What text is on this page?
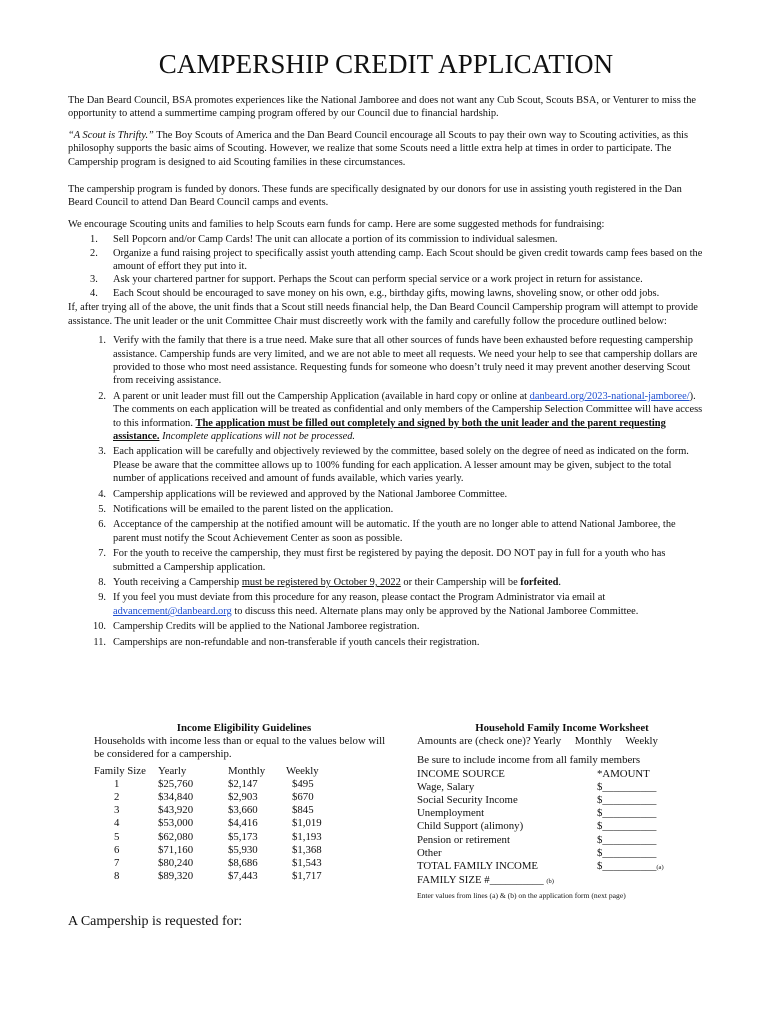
CAMPERSHIP CREDIT APPLICATION

The Dan Beard Council, BSA promotes experiences like the National Jamboree and does not want any Cub Scout, Scouts BSA, or Venturer to miss the opportunity to attend a summertime camping program offered by our Council due to financial hardship.

“A Scout is Thrifty.” The Boy Scouts of America and the Dan Beard Council encourage all Scouts to pay their own way to Scouting activities, as this philosophy supports the basic aims of Scouting. However, we realize that some Scouts need a little extra help at times in order to participate. The Campership program is designed to aid Scouting families in these circumstances.

The campership program is funded by donors. These funds are specifically designated by our donors for use in assisting youth registered in the Dan Beard Council to attend Dan Beard Council camps and events.

We encourage Scouting units and families to help Scouts earn funds for camp. Here are some suggested methods for fundraising:

1.	Sell Popcorn and/or Camp Cards! The unit can allocate a portion of its commission to individual salesmen.
2.	Organize a fund raising project to specifically assist youth attending camp. Each Scout should be given credit towards camp fees based on the amount of effort they put into it.
3.	Ask your chartered partner for support. Perhaps the Scout can perform special service or a work project in return for assistance.
4.	Each Scout should be encouraged to save money on his own, e.g., birthday gifts, mowing lawns, shoveling snow, or other odd jobs.

If, after trying all of the above, the unit finds that a Scout still needs financial help, the Dan Beard Council Campership program will attempt to provide assistance. The unit leader or the unit Committee Chair must discreetly work with the family and carefully follow the procedure outlined below:

1. Verify with the family that there is a true need. Make sure that all other sources of funds have been exhausted before requesting campership assistance. Campership funds are very limited, and we are not able to meet all requests. We need your help to see that campership dollars are provided to those who most need assistance. Requesting funds for someone who doesn’t truly need it may prevent another deserving Scout from receiving assistance.
2. A parent or unit leader must fill out the Campership Application (available in hard copy or online at danbeard.org/2023-national-jamboree/). The comments on each application will be treated as confidential and only members of the Campership Selection Committee will have access to this information. The application must be filled out completely and signed by both the unit leader and the parent requesting assistance. Incomplete applications will not be processed.
3. Each application will be carefully and objectively reviewed by the committee, based solely on the degree of need as indicated on the form. Please be aware that the committee allows up to 100% funding for each application. A lesser amount may be given, subject to the total number of applications received and amount of funds available, which varies yearly.
4. Campership applications will be reviewed and approved by the National Jamboree Committee.
5. Notifications will be emailed to the parent listed on the application.
6. Acceptance of the campership at the notified amount will be automatic. If the youth are no longer able to attend National Jamboree, the parent must notify the Scout Achievement Center as soon as possible.
7. For the youth to receive the campership, they must first be registered by paying the deposit. DO NOT pay in full for a youth who has submitted a Campership application.
8. Youth receiving a Campership must be registered by October 9, 2022 or their Campership will be forfeited.
9. If you feel you must deviate from this procedure for any reason, please contact the Program Administrator via email at advancement@danbeard.org to discuss this need. Alternate plans may only be approved by the National Jamboree Committee.
10. Campership Credits will be applied to the National Jamboree registration.
11. Camperships are non-refundable and non-transferable if youth cancels their registration.
Income Eligibility Guidelines
Households with income less than or equal to the values below will be considered for a campership.
Family Size	Yearly	Monthly	Weekly
1	$25,760	$2,147	$495
2	$34,840	$2,903	$670
3	$43,920	$3,660	$845
4	$53,000	$4,416	$1,019
5	$62,080	$5,173	$1,193
6	$71,160	$5,930	$1,368
7	$80,240	$8,686	$1,543
8	$89,320	$7,443	$1,717
Household Family Income Worksheet
Amounts are (check one)? Yearly     Monthly     Weekly
Be sure to include income from all family members
INCOME SOURCE	*AMOUNT
Wage, Salary	$__________
Social Security Income	$__________
Unemployment	$__________
Child Support (alimony)	$__________
Pension or retirement	$__________
Other	$__________
TOTAL FAMILY INCOME	$__________(a)
FAMILY SIZE #__________ (b)
Enter values from lines (a) & (b) on the application form (next page)
A Campership is requested for:
